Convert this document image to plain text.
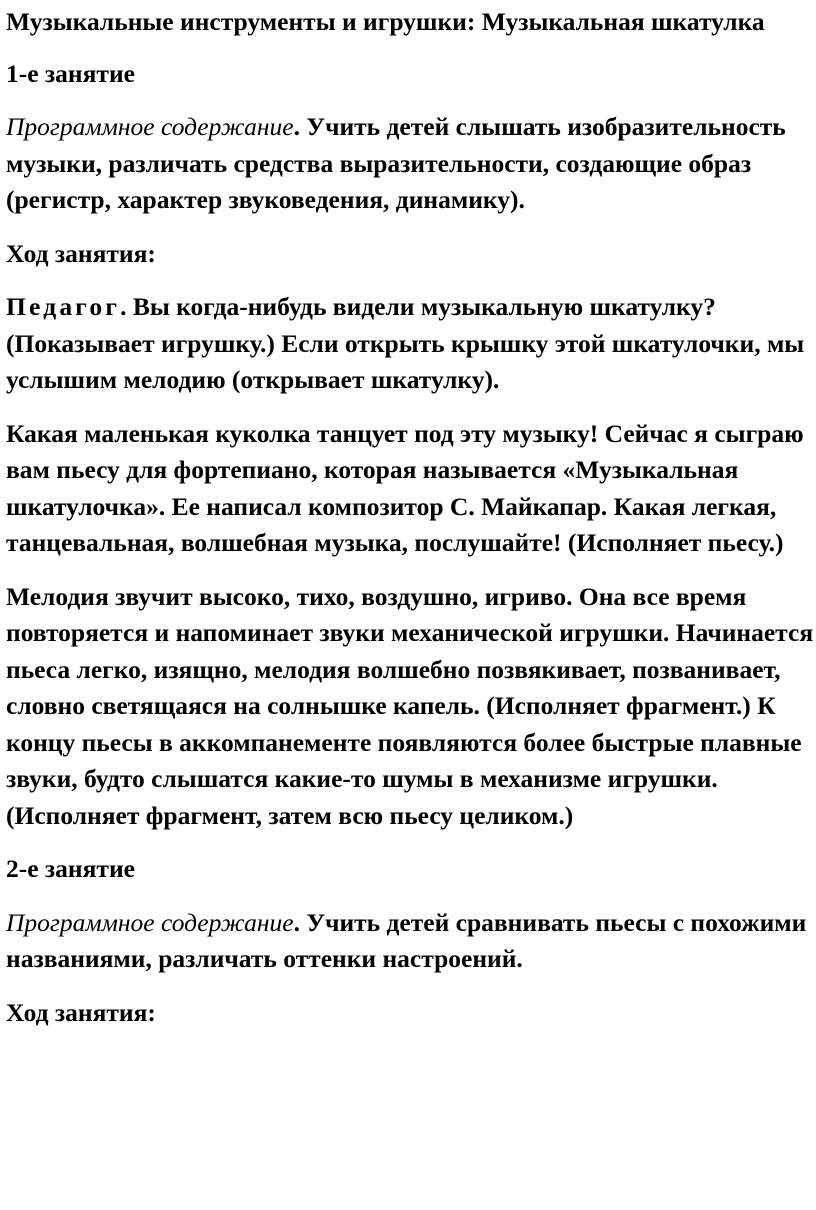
Музыкальные инструменты и игрушки: Музыкальная шкатулка

1-е занятие

Программное содержание. Учить детей слышать изобразительность музыки, различать средства выразительности, создающие образ (регистр, характер звуковедения, динамику).

Ход занятия:

Педагог. Вы когда-нибудь видели музыкальную шкатулку? (Показывает игрушку.) Если открыть крышку этой шкатулочки, мы услышим мелодию (открывает шкатулку).

Какая маленькая куколка танцует под эту музыку! Сейчас я сыграю вам пьесу для фортепиано, которая называется «Музыкальная шкатулочка». Ее написал композитор С. Майкапар. Какая легкая, танцевальная, волшебная музыка, послушайте! (Исполняет пьесу.)

Мелодия звучит высоко, тихо, воздушно, игриво. Она все время повторяется и напоминает звуки механической игрушки. Начинается пьеса легко, изящно, мелодия волшебно позвякивает, позванивает, словно светящаяся на солнышке капель. (Исполняет фрагмент.) К концу пьесы в аккомпанементе появляются более быстрые плавные звуки, будто слышатся какие-то шумы в механизме игрушки. (Исполняет фрагмент, затем всю пьесу целиком.)

2-е занятие

Программное содержание. Учить детей сравнивать пьесы с похожими названиями, различать оттенки настроений.

Ход занятия:
